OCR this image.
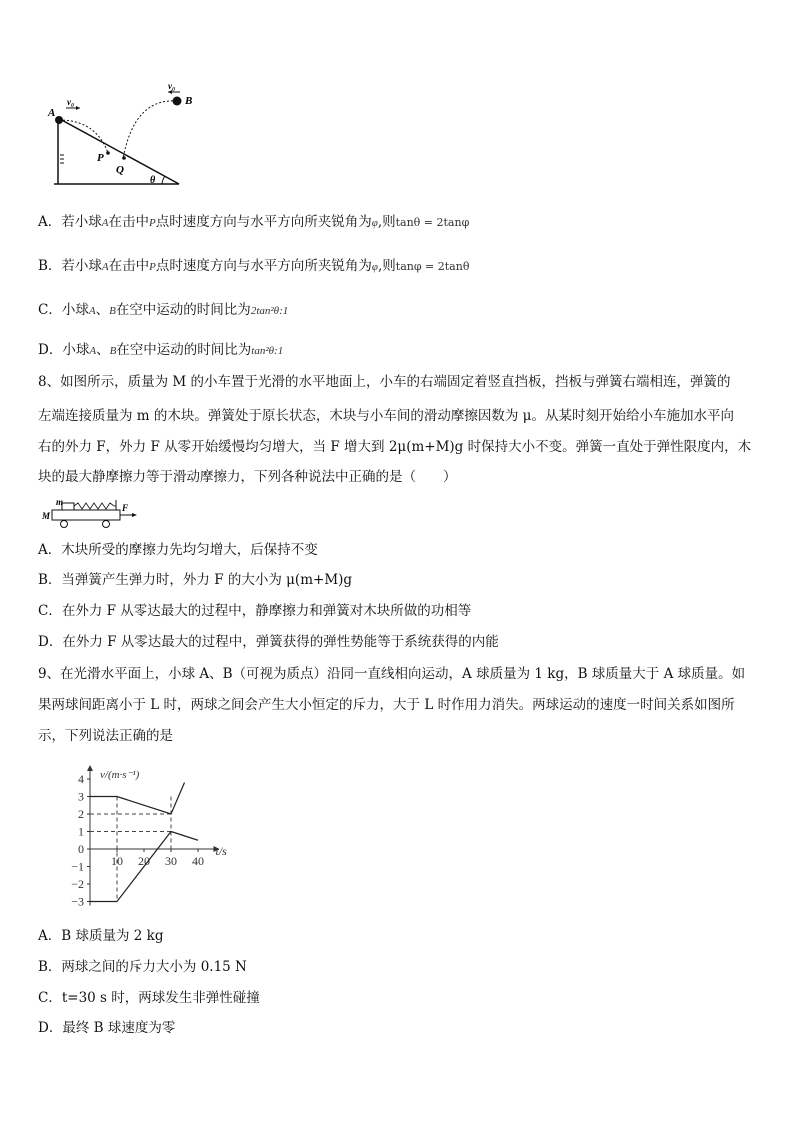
A
B
P
Q
θ
v₀
v₀
A．若小球A在击中P点时速度方向与水平方向所夹锐角为φ,则tanθ = 2tanφ
B．若小球A在击中P点时速度方向与水平方向所夹锐角为φ,则tanφ = 2tanθ
C．小球A、B在空中运动的时间比为2tan²θ:1
D．小球A、B在空中运动的时间比为tan²θ:1
8、如图所示，质量为 M 的小车置于光滑的水平地面上，小车的右端固定着竖直挡板，挡板与弹簧右端相连，弹簧的
左端连接质量为 m 的木块。弹簧处于原长状态，木块与小车间的滑动摩擦因数为 μ。从某时刻开始给小车施加水平向
右的外力 F，外力 F 从零开始缓慢均匀增大，当 F 增大到 2μ(m+M)g 时保持大小不变。弹簧一直处于弹性限度内，木
块的最大静摩擦力等于滑动摩擦力，下列各种说法中正确的是（　　）
m
M
F
A．木块所受的摩擦力先均匀增大，后保持不变
B．当弹簧产生弹力时，外力 F 的大小为 μ(m+M)g
C．在外力 F 从零达最大的过程中，静摩擦力和弹簧对木块所做的功相等
D．在外力 F 从零达最大的过程中，弹簧获得的弹性势能等于系统获得的内能
9、在光滑水平面上，小球 A、B（可视为质点）沿同一直线相向运动，A 球质量为 1 kg，B 球质量大于 A 球质量。如
果两球间距离小于 L 时，两球之间会产生大小恒定的斥力，大于 L 时作用力消失。两球运动的速度一时间关系如图所
示，下列说法正确的是
4
3
2
1
0
−1
−2
−3
10 20 30 40
v/(m·s⁻¹)
t/s
A．B 球质量为 2 kg
B．两球之间的斥力大小为 0.15 N
C．t=30 s 时，两球发生非弹性碰撞
D．最终 B 球速度为零
